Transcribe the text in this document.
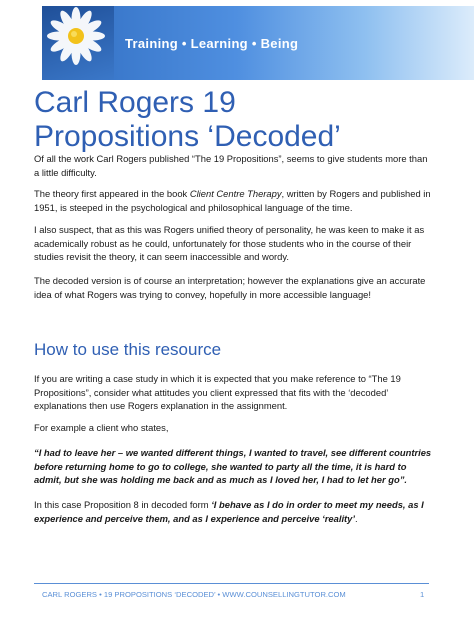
Training • Learning • Being
Carl Rogers 19
Propositions ‘Decoded’

Of all the work Carl Rogers published “The 19 Propositions”, seems to give students more than a little difficulty.

The theory first appeared in the book Client Centre Therapy, written by Rogers and published in 1951, is steeped in the psychological and philosophical language of the time.

I also suspect, that as this was Rogers unified theory of personality, he was keen to make it as academically robust as he could, unfortunately for those students who in the course of their studies revisit the theory, it can seem inaccessible and wordy.

The decoded version is of course an interpretation; however the explanations give an accurate idea of what Rogers was trying to convey, hopefully in more accessible language!

How to use this resource

If you are writing a case study in which it is expected that you make reference to “The 19 Propositions”, consider what attitudes you client expressed that fits with the ‘decoded’ explanations then use Rogers explanation in the assignment.

For example a client who states,

“I had to leave her – we wanted different things, I wanted to travel, see different countries before returning home to go to college, she wanted to party all the time, it is hard to admit, but she was holding me back and as much as I loved her, I had to let her go”.

In this case Proposition 8 in decoded form ‘I behave as I do in order to meet my needs, as I experience and perceive them, and as I experience and perceive ‘reality’.

CARL ROGERS • 19 PROPOSITIONS ‘DECODED’ • WWW.COUNSELLINGTUTOR.COM	1
